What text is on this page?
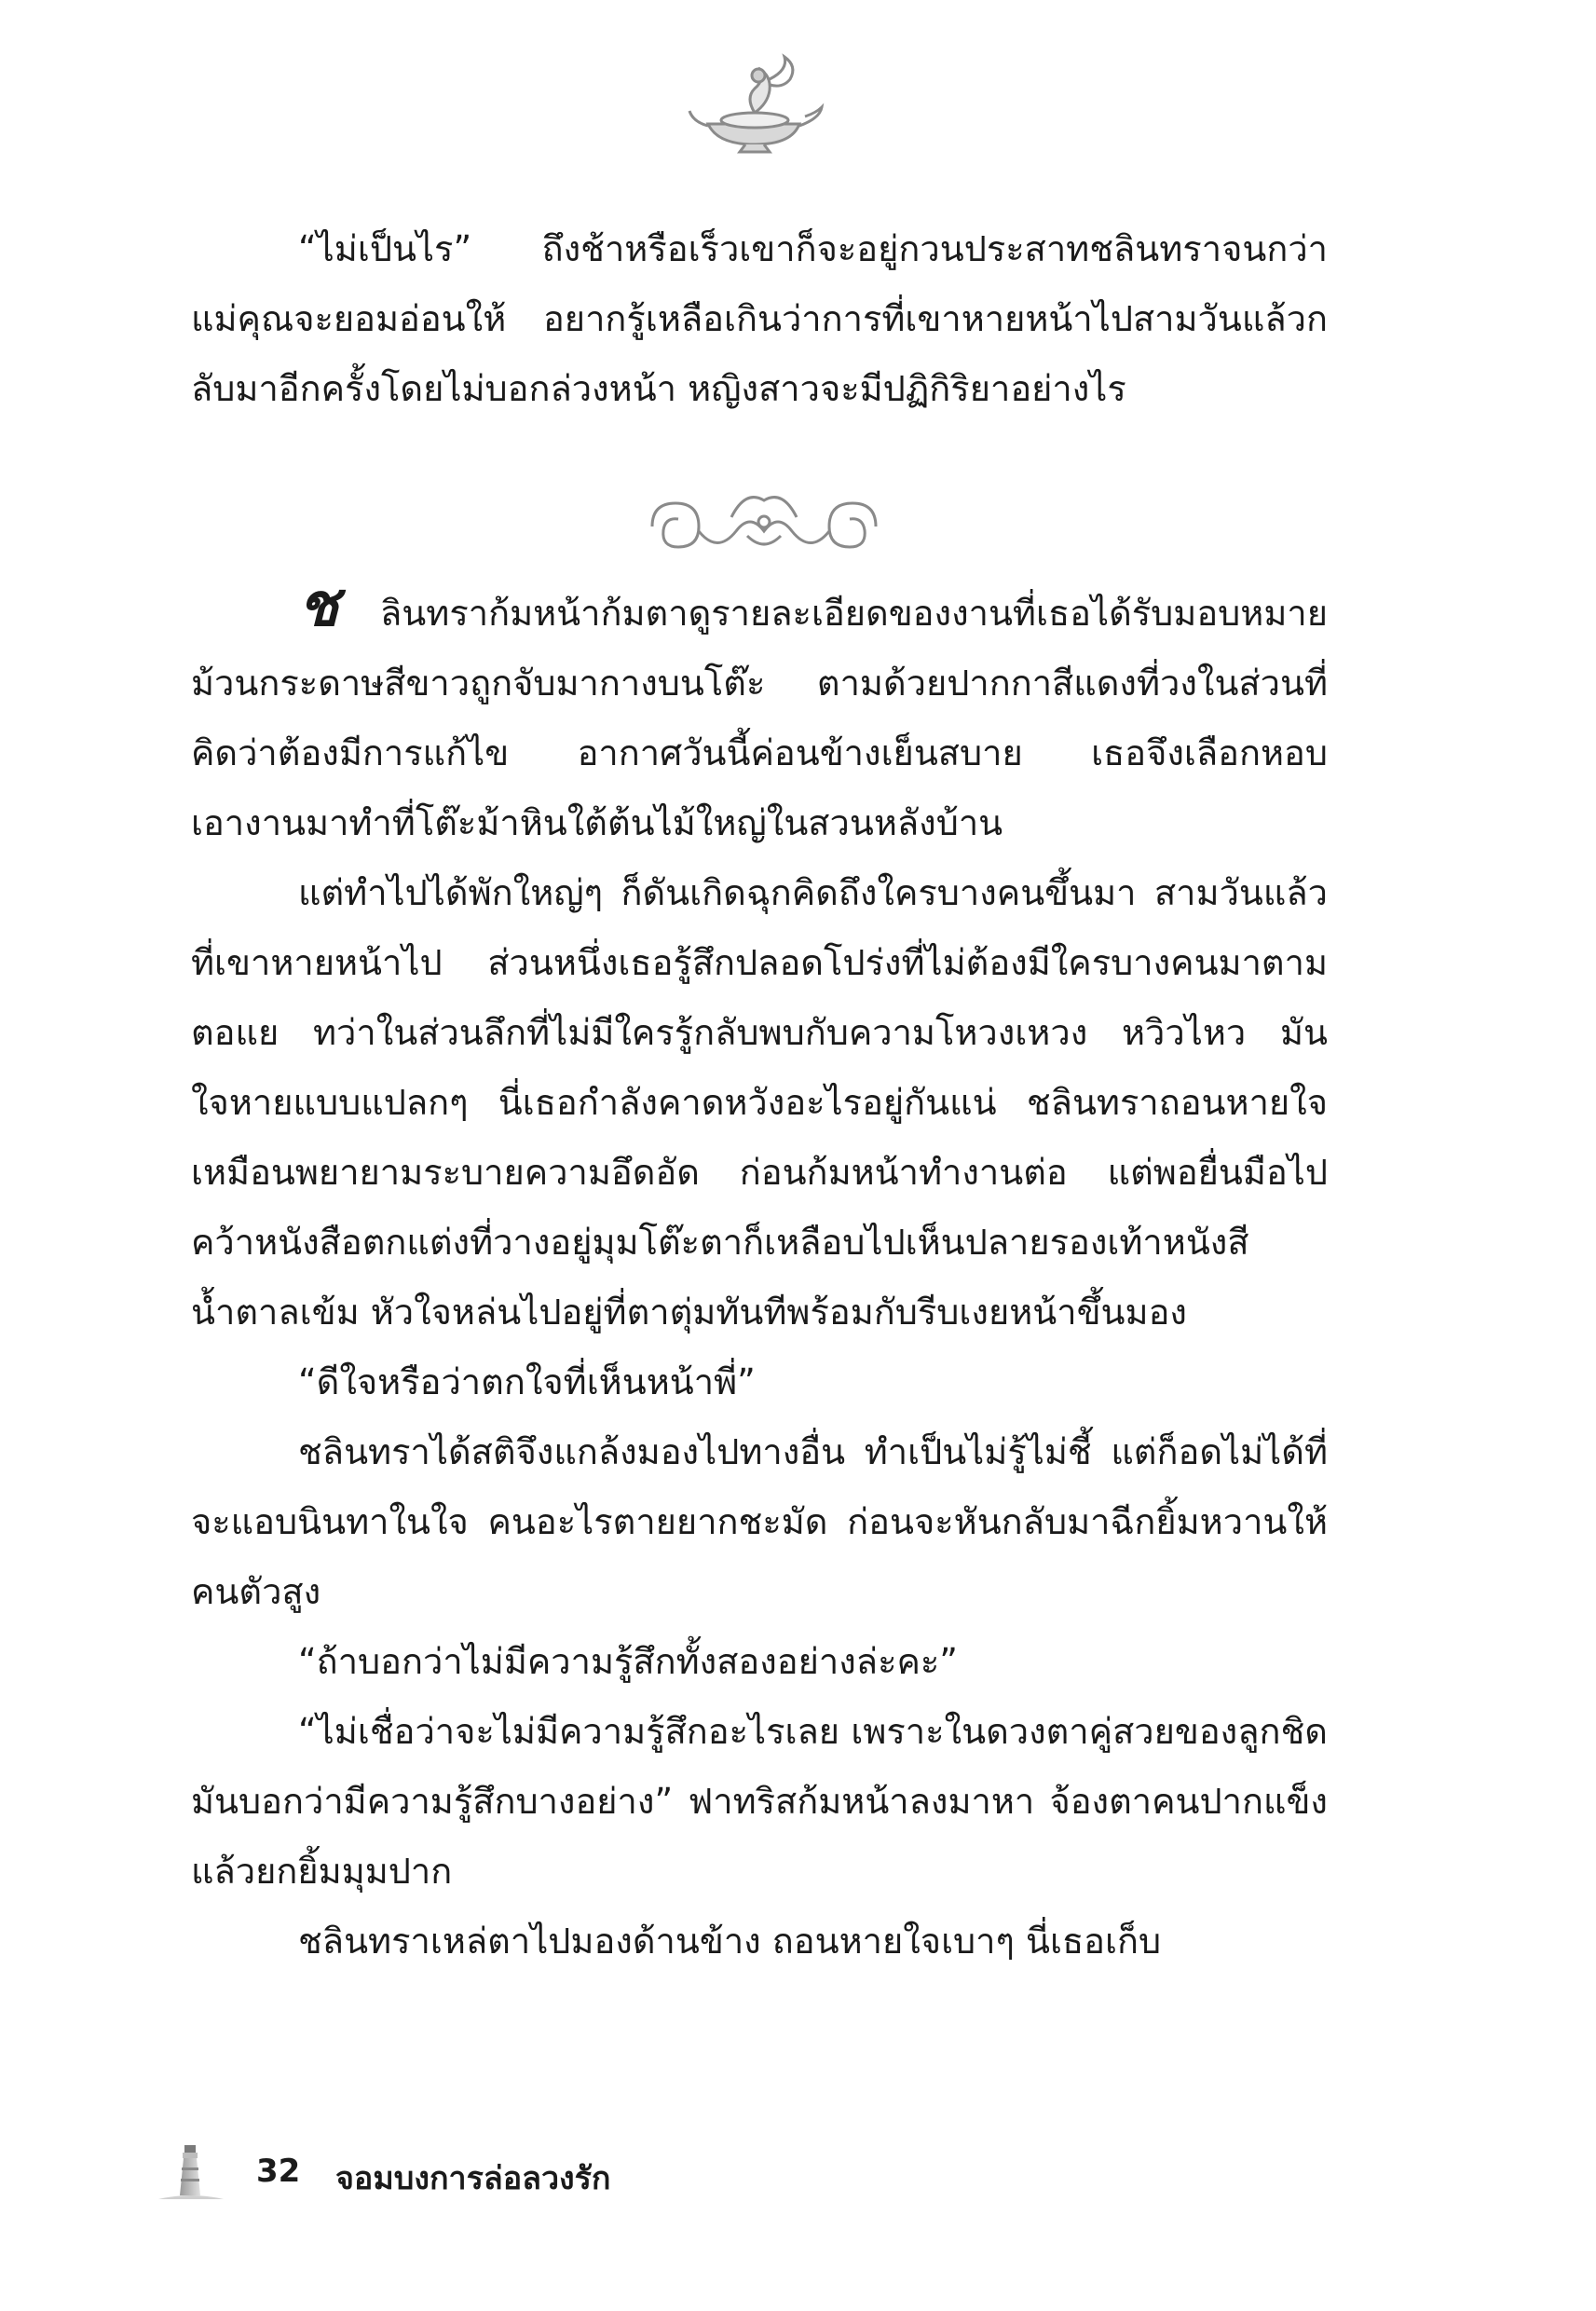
“ไม่เป็นไร” ถึงช้าหรือเร็วเขาก็จะอยู่กวนประสาทชลินทราจนกว่าแม่คุณจะยอมอ่อนให้ อยากรู้เหลือเกินว่าการที่เขาหายหน้าไปสามวันแล้วกลับมาอีกครั้งโดยไม่บอกล่วงหน้า หญิงสาวจะมีปฏิกิริยาอย่างไร

ช ลินทราก้มหน้าก้มตาดูรายละเอียดของงานที่เธอได้รับมอบหมาย ม้วนกระดาษสีขาวถูกจับมากางบนโต๊ะ ตามด้วยปากกาสีแดงที่วงในส่วนที่คิดว่าต้องมีการแก้ไข อากาศวันนี้ค่อนข้างเย็นสบาย เธอจึงเลือกหอบเอางานมาทำที่โต๊ะม้าหินใต้ต้นไม้ใหญ่ในสวนหลังบ้าน

แต่ทำไปได้พักใหญ่ๆ ก็ดันเกิดฉุกคิดถึงใครบางคนขึ้นมา สามวันแล้วที่เขาหายหน้าไป ส่วนหนึ่งเธอรู้สึกปลอดโปร่งที่ไม่ต้องมีใครบางคนมาตามตอแย ทว่าในส่วนลึกที่ไม่มีใครรู้กลับพบกับความโหวงเหวง หวิวไหว มันใจหายแบบแปลกๆ นี่เธอกำลังคาดหวังอะไรอยู่กันแน่ ชลินทราถอนหายใจเหมือนพยายามระบายความอึดอัด ก่อนก้มหน้าทำงานต่อ แต่พอยื่นมือไปคว้าหนังสือตกแต่งที่วางอยู่มุมโต๊ะตาก็เหลือบไปเห็นปลายรองเท้าหนังสีน้ำตาลเข้ม หัวใจหล่นไปอยู่ที่ตาตุ่มทันทีพร้อมกับรีบเงยหน้าขึ้นมอง

“ดีใจหรือว่าตกใจที่เห็นหน้าพี่”

ชลินทราได้สติจึงแกล้งมองไปทางอื่น ทำเป็นไม่รู้ไม่ชี้ แต่ก็อดไม่ได้ที่จะแอบนินทาในใจ คนอะไรตายยากชะมัด ก่อนจะหันกลับมาฉีกยิ้มหวานให้คนตัวสูง

“ถ้าบอกว่าไม่มีความรู้สึกทั้งสองอย่างล่ะคะ”

“ไม่เชื่อว่าจะไม่มีความรู้สึกอะไรเลย เพราะในดวงตาคู่สวยของลูกชิดมันบอกว่ามีความรู้สึกบางอย่าง” ฟาทริสก้มหน้าลงมาหา จ้องตาคนปากแข็งแล้วยกยิ้มมุมปาก

ชลินทราเหล่ตาไปมองด้านข้าง ถอนหายใจเบาๆ นี่เธอเก็บ

32 จอมบงการล่อลวงรัก
